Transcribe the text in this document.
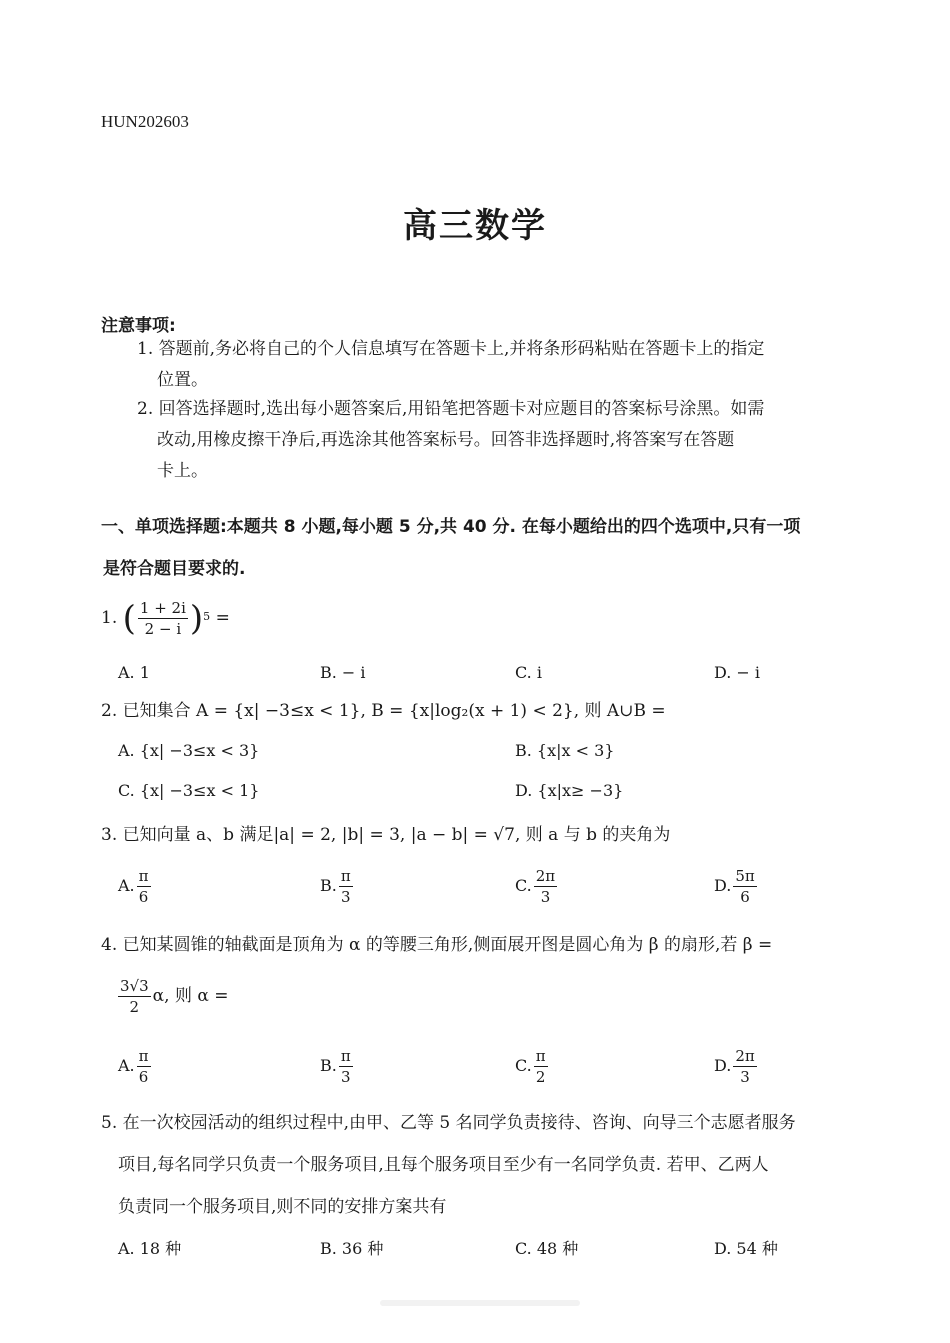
HUN202603
高三数学
注意事项:
1. 答题前,务必将自己的个人信息填写在答题卡上,并将条形码粘贴在答题卡上的指定
位置。
2. 回答选择题时,选出每小题答案后,用铅笔把答题卡对应题目的答案标号涂黑。如需
改动,用橡皮擦干净后,再选涂其他答案标号。回答非选择题时,将答案写在答题
卡上。
一、单项选择题:本题共 8 小题,每小题 5 分,共 40 分. 在每小题给出的四个选项中,只有一项
是符合题目要求的.
1. ( $\frac{1 + 2i}{2 - i} )^5$ =
A. 1	B. − i	C. i	D. − i
2. 已知集合 A = {x| −3≤x < 1}, B = {x|log₂(x + 1) < 2}, 则 A∪B =
A. {x| −3≤x < 3}	B. {x|x < 3}
C. {x| −3≤x < 1}	D. {x|x≥ −3}
3. 已知向量 a、b 满足|a| = 2, |b| = 3, |a − b| = √7, 则 a 与 b 的夹角为
A. $\frac{\pi}{6}$	B. $\frac{\pi}{3}$	C. $\frac{2\pi}{3}$	D. $\frac{5\pi}{6}$
4. 已知某圆锥的轴截面是顶角为 α 的等腰三角形,侧面展开图是圆心角为 β 的扇形,若 β =
$\frac{3√3}{2} \alpha$, 则 α =
A. $\frac{\pi}{6}$	B. $\frac{\pi}{3}$	C. $\frac{\pi}{2}$	D. $\frac{2\pi}{3}$
5. 在一次校园活动的组织过程中,由甲、乙等 5 名同学负责接待、咨询、向导三个志愿者服务
项目,每名同学只负责一个服务项目,且每个服务项目至少有一名同学负责. 若甲、乙两人
负责同一个服务项目,则不同的安排方案共有
A. 18 种	B. 36 种	C. 48 种	D. 54 种
